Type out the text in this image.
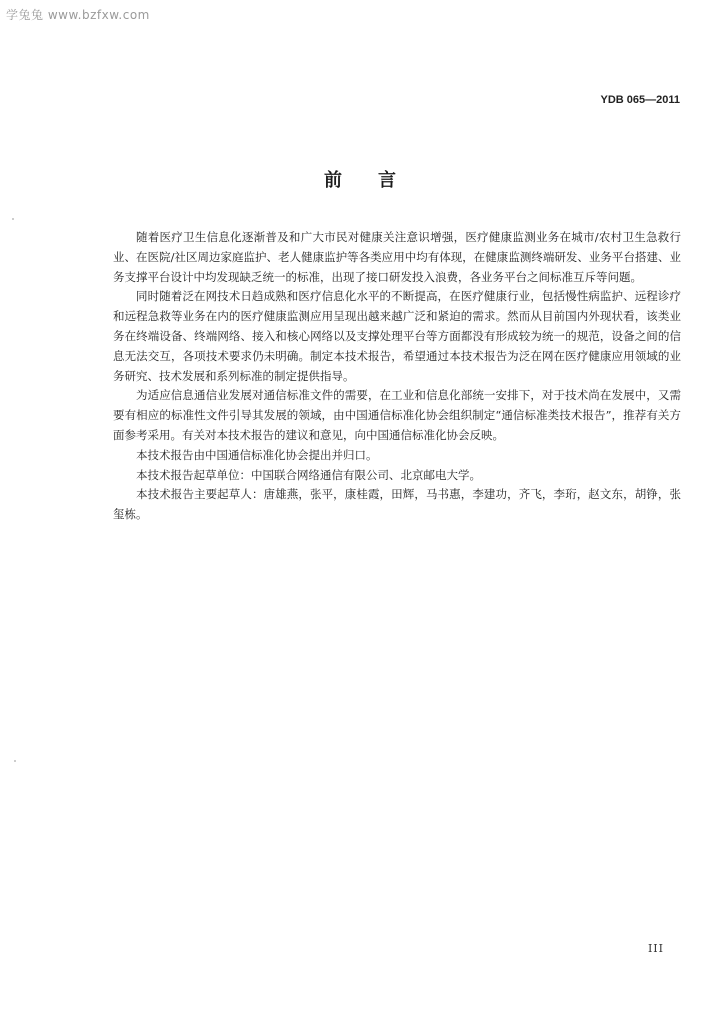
学兔兔 www.bzfxw.com
YDB 065—2011
前言

随着医疗卫生信息化逐渐普及和广大市民对健康关注意识增强，医疗健康监测业务在城市/农村卫生急救行业、在医院/社区周边家庭监护、老人健康监护等各类应用中均有体现，在健康监测终端研发、业务平台搭建、业务支撑平台设计中均发现缺乏统一的标准，出现了接口研发投入浪费，各业务平台之间标准互斥等问题。

同时随着泛在网技术日趋成熟和医疗信息化水平的不断提高，在医疗健康行业，包括慢性病监护、远程诊疗和远程急救等业务在内的医疗健康监测应用呈现出越来越广泛和紧迫的需求。然而从目前国内外现状看，该类业务在终端设备、终端网络、接入和核心网络以及支撑处理平台等方面都没有形成较为统一的规范，设备之间的信息无法交互，各项技术要求仍未明确。制定本技术报告，希望通过本技术报告为泛在网在医疗健康应用领域的业务研究、技术发展和系列标准的制定提供指导。

为适应信息通信业发展对通信标准文件的需要，在工业和信息化部统一安排下，对于技术尚在发展中，又需要有相应的标准性文件引导其发展的领域，由中国通信标准化协会组织制定“通信标准类技术报告”，推荐有关方面参考采用。有关对本技术报告的建议和意见，向中国通信标准化协会反映。

本技术报告由中国通信标准化协会提出并归口。

本技术报告起草单位：中国联合网络通信有限公司、北京邮电大学。

本技术报告主要起草人：唐雄燕，张平，康桂霞，田辉，马书惠，李建功，齐飞，李珩，赵文东，胡铮，张玺栋。

III
